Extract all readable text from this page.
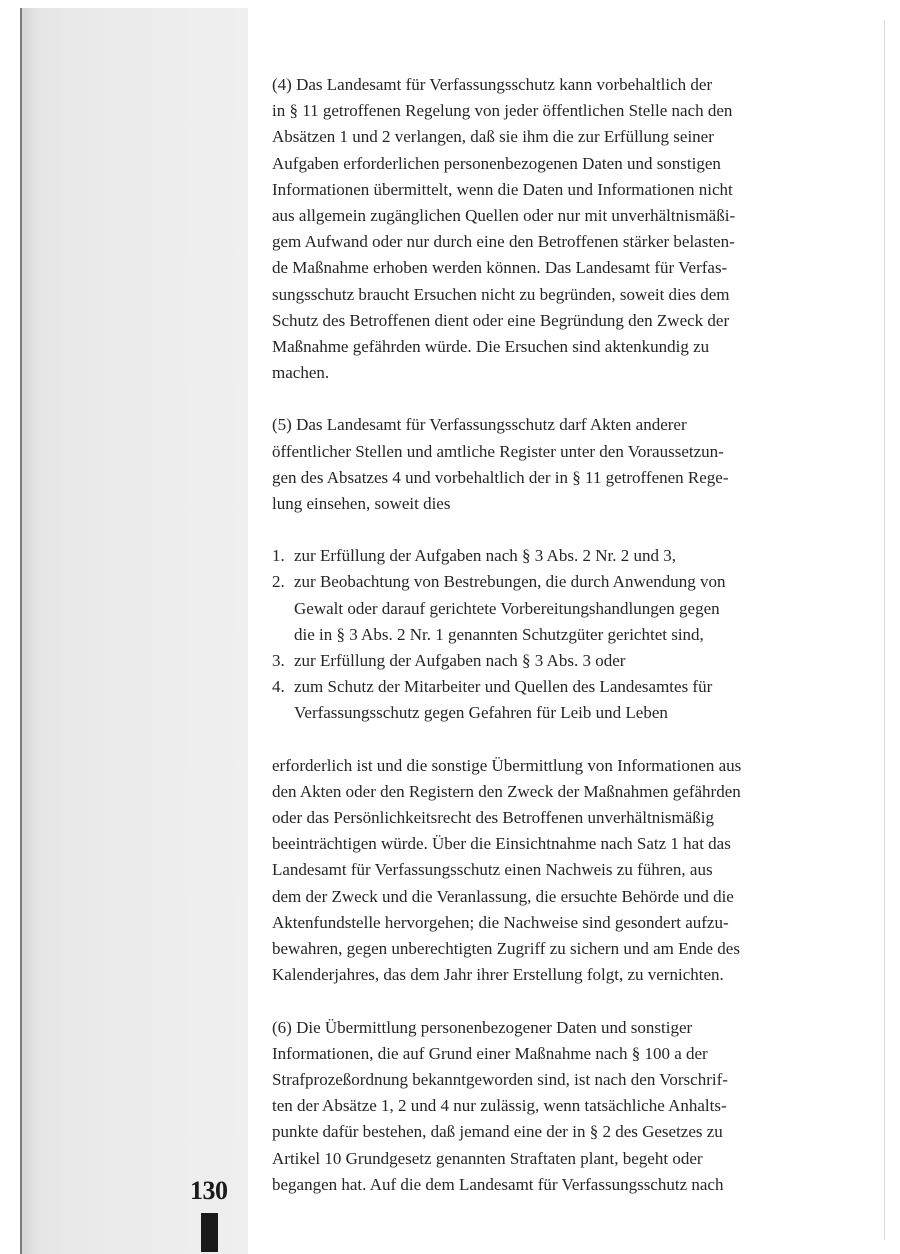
130

(4) Das Landesamt für Verfassungsschutz kann vorbehaltlich der

in § 11 getroffenen Regelung von jeder öffentlichen Stelle nach den

Absätzen 1 und 2 verlangen, daß sie ihm die zur Erfüllung seiner

Aufgaben erforderlichen personenbezogenen Daten und sonstigen

Informationen übermittelt, wenn die Daten und Informationen nicht

aus allgemein zugänglichen Quellen oder nur mit unverhältnismäßi-

gem Aufwand oder nur durch eine den Betroffenen stärker belasten-

de Maßnahme erhoben werden können. Das Landesamt für Verfas-

sungsschutz braucht Ersuchen nicht zu begründen, soweit dies dem

Schutz des Betroffenen dient oder eine Begründung den Zweck der

Maßnahme gefährden würde. Die Ersuchen sind aktenkundig zu

machen.

(5) Das Landesamt für Verfassungsschutz darf Akten anderer

öffentlicher Stellen und amtliche Register unter den Voraussetzun-

gen des Absatzes 4 und vorbehaltlich der in § 11 getroffenen Rege-

lung einsehen, soweit dies

1. zur Erfüllung der Aufgaben nach § 3 Abs. 2 Nr. 2 und 3,
2. zur Beobachtung von Bestrebungen, die durch Anwendung von
Gewalt oder darauf gerichtete Vorbereitungshandlungen gegen
die in § 3 Abs. 2 Nr. 1 genannten Schutzgüter gerichtet sind,
3. zur Erfüllung der Aufgaben nach § 3 Abs. 3 oder
4. zum Schutz der Mitarbeiter und Quellen des Landesamtes für
Verfassungsschutz gegen Gefahren für Leib und Leben

erforderlich ist und die sonstige Übermittlung von Informationen aus

den Akten oder den Registern den Zweck der Maßnahmen gefährden

oder das Persönlichkeitsrecht des Betroffenen unverhältnismäßig

beeinträchtigen würde. Über die Einsichtnahme nach Satz 1 hat das

Landesamt für Verfassungsschutz einen Nachweis zu führen, aus

dem der Zweck und die Veranlassung, die ersuchte Behörde und die

Aktenfundstelle hervorgehen; die Nachweise sind gesondert aufzu-

bewahren, gegen unberechtigten Zugriff zu sichern und am Ende des

Kalenderjahres, das dem Jahr ihrer Erstellung folgt, zu vernichten.

(6) Die Übermittlung personenbezogener Daten und sonstiger

Informationen, die auf Grund einer Maßnahme nach § 100 a der

Strafprozeßordnung bekanntgeworden sind, ist nach den Vorschrif-

ten der Absätze 1, 2 und 4 nur zulässig, wenn tatsächliche Anhalts-

punkte dafür bestehen, daß jemand eine der in § 2 des Gesetzes zu

Artikel 10 Grundgesetz genannten Straftaten plant, begeht oder

begangen hat. Auf die dem Landesamt für Verfassungsschutz nach
